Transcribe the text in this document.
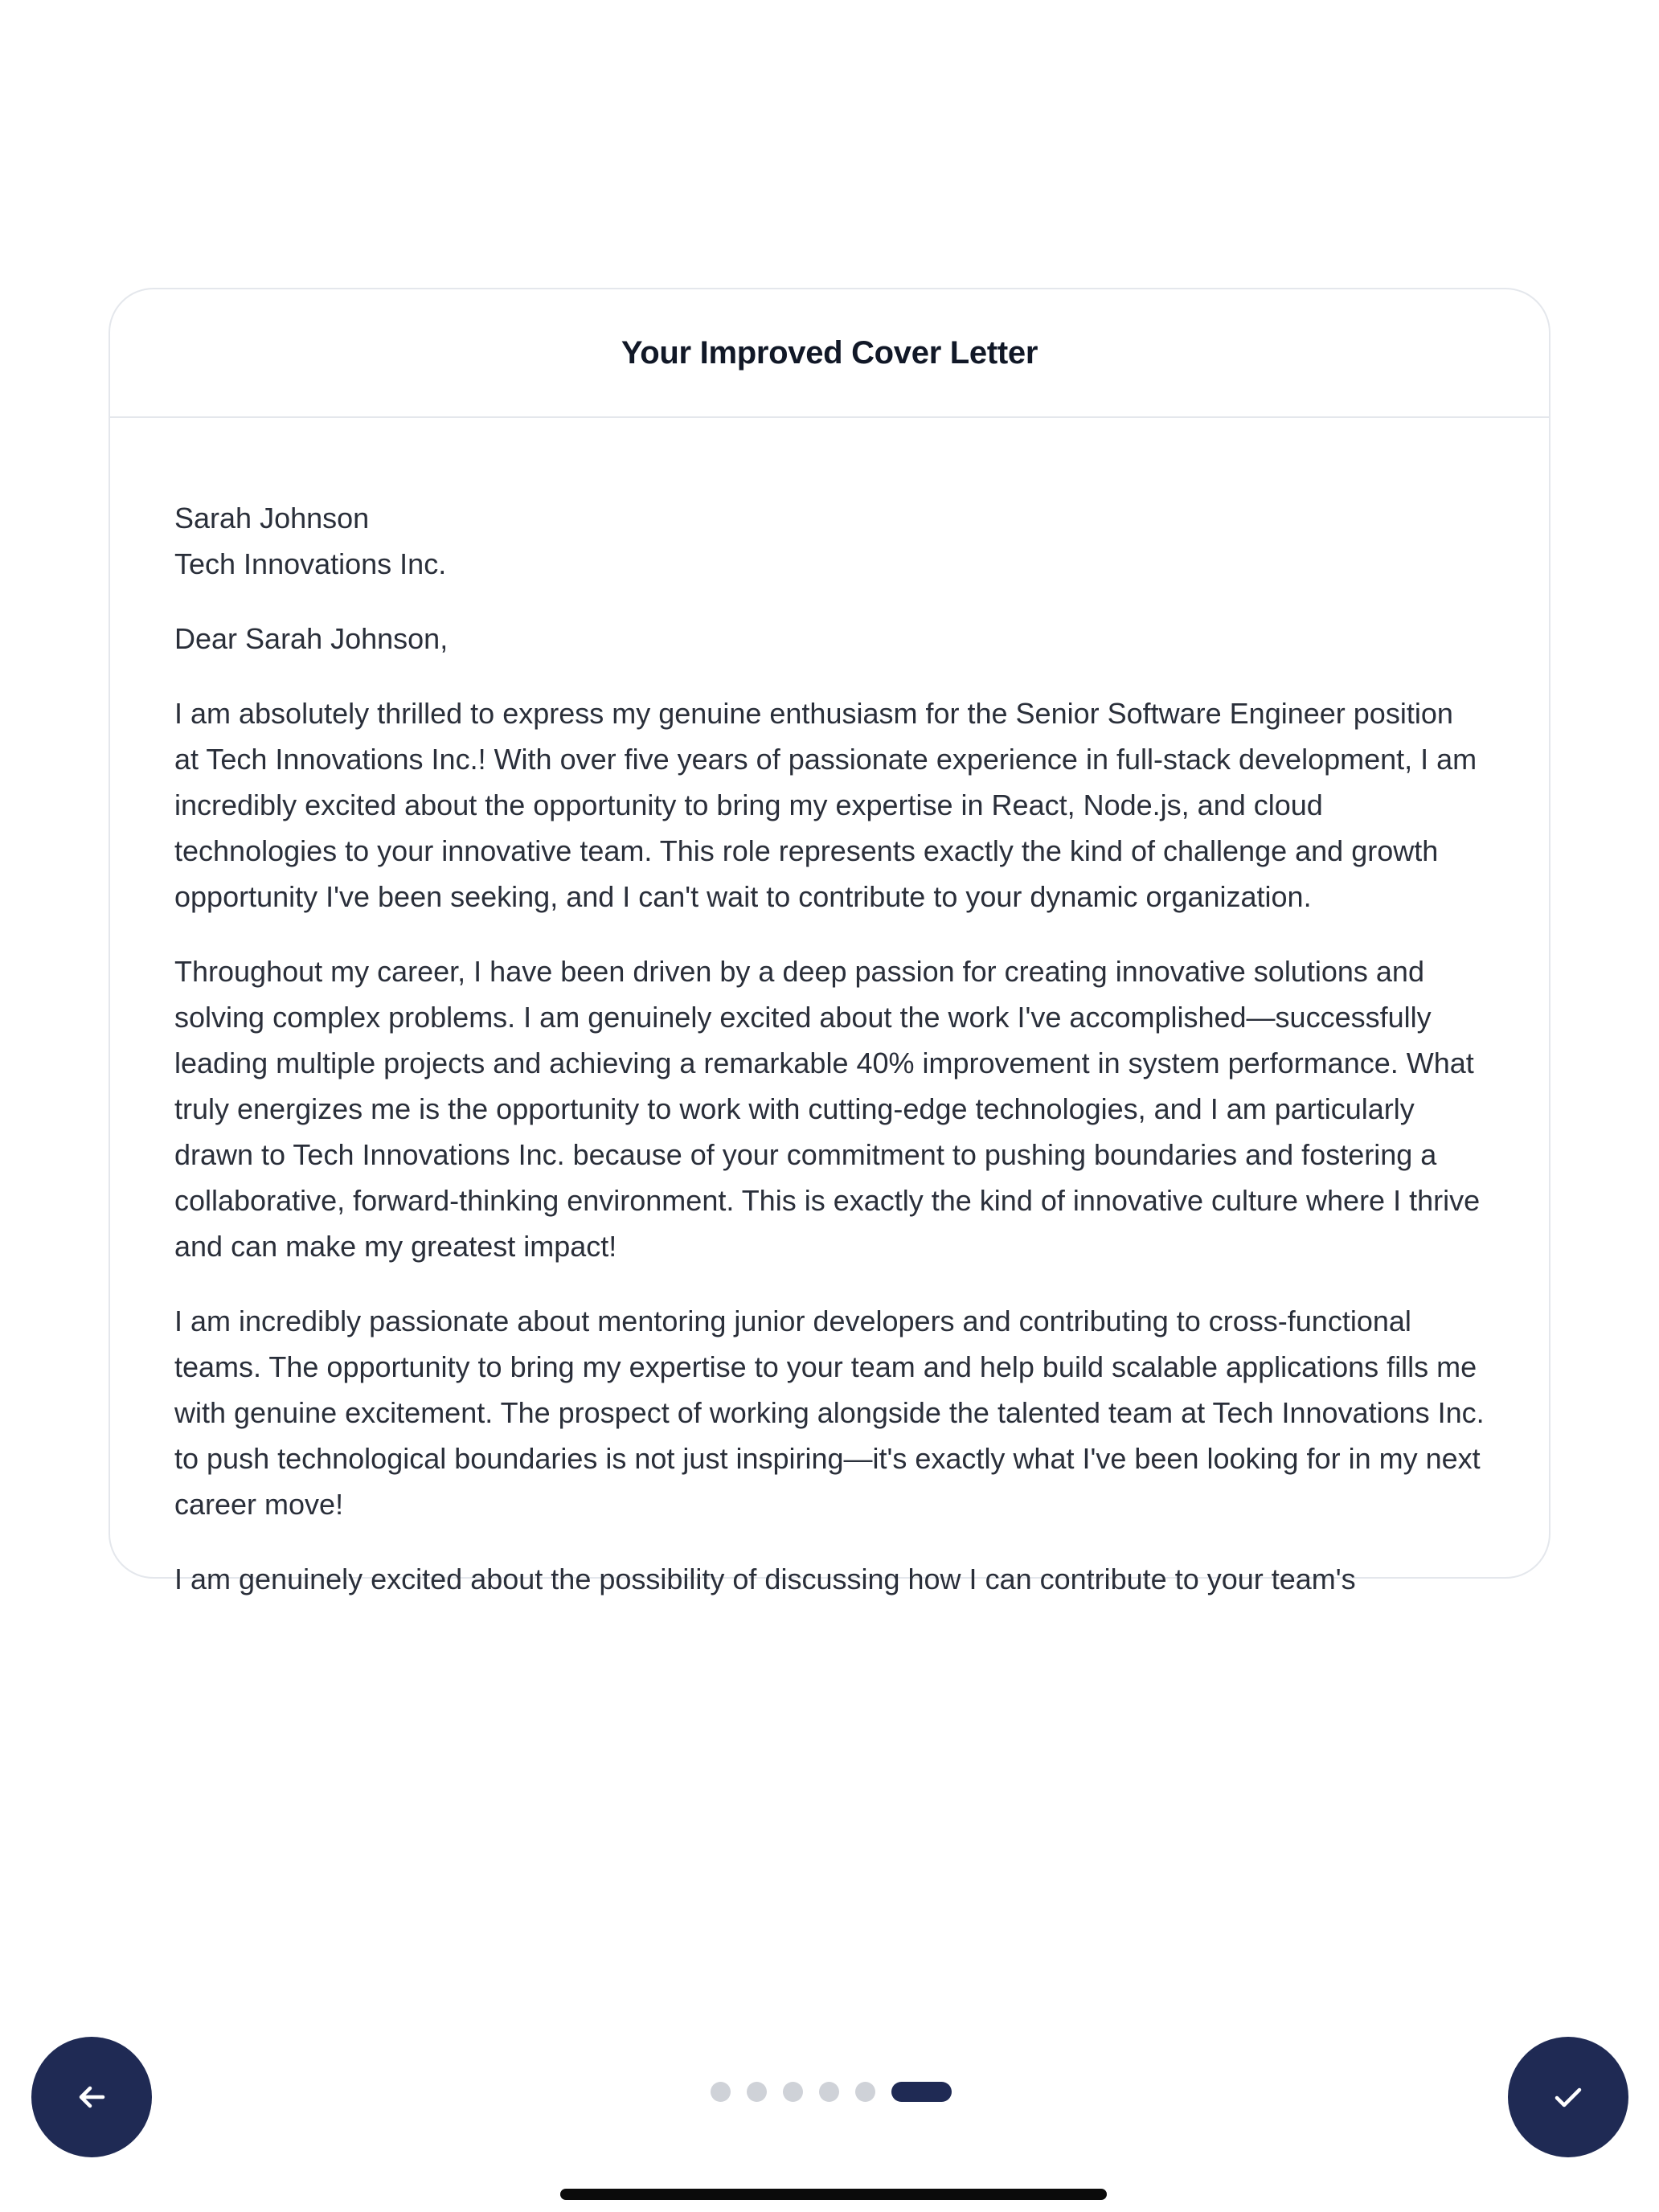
Your Improved Cover Letter

Sarah Johnson
Tech Innovations Inc.

Dear Sarah Johnson,

I am absolutely thrilled to express my genuine enthusiasm for the Senior Software Engineer position at Tech Innovations Inc.! With over five years of passionate experience in full-stack development, I am incredibly excited about the opportunity to bring my expertise in React, Node.js, and cloud technologies to your innovative team. This role represents exactly the kind of challenge and growth opportunity I've been seeking, and I can't wait to contribute to your dynamic organization.

Throughout my career, I have been driven by a deep passion for creating innovative solutions and solving complex problems. I am genuinely excited about the work I've accomplished—successfully leading multiple projects and achieving a remarkable 40% improvement in system performance. What truly energizes me is the opportunity to work with cutting-edge technologies, and I am particularly drawn to Tech Innovations Inc. because of your commitment to pushing boundaries and fostering a collaborative, forward-thinking environment. This is exactly the kind of innovative culture where I thrive and can make my greatest impact!

I am incredibly passionate about mentoring junior developers and contributing to cross-functional teams. The opportunity to bring my expertise to your team and help build scalable applications fills me with genuine excitement. The prospect of working alongside the talented team at Tech Innovations Inc. to push technological boundaries is not just inspiring—it's exactly what I've been looking for in my next career move!

I am genuinely excited about the possibility of discussing how I can contribute to your team's
